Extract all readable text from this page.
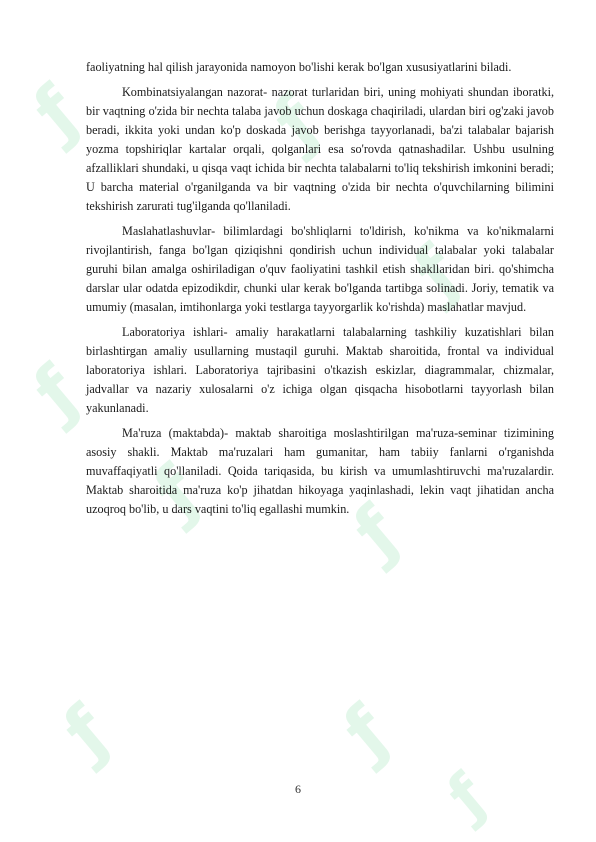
ƒ ƒ
ƒ
ƒ
ƒ ƒ
ƒ	ƒ
ƒ

faoliyatning hal qilish jarayonida namoyon bo'lishi kerak bo'lgan xususiyatlarini biladi.

Kombinatsiyalangan nazorat- nazorat turlaridan biri, uning mohiyati shundan iboratki, bir vaqtning o'zida bir nechta talaba javob uchun doskaga chaqiriladi, ulardan biri og'zaki javob beradi, ikkita yoki undan ko'p doskada javob berishga tayyorlanadi, ba'zi talabalar bajarish yozma topshiriqlar kartalar orqali, qolganlari esa so'rovda qatnashadilar. Ushbu usulning afzalliklari shundaki, u qisqa vaqt ichida bir nechta talabalarni to'liq tekshirish imkonini beradi; U barcha material o'rganilganda va bir vaqtning o'zida bir nechta o'quvchilarning bilimini tekshirish zarurati tug'ilganda qo'llaniladi.

Maslahatlashuvlar- bilimlardagi bo'shliqlarni to'ldirish, ko'nikma va ko'nikmalarni rivojlantirish, fanga bo'lgan qiziqishni qondirish uchun individual talabalar yoki talabalar guruhi bilan amalga oshiriladigan o'quv faoliyatini tashkil etish shakllaridan biri. qo'shimcha darslar ular odatda epizodikdir, chunki ular kerak bo'lganda tartibga solinadi. Joriy, tematik va umumiy (masalan, imtihonlarga yoki testlarga tayyorgarlik ko'rishda) maslahatlar mavjud.

Laboratoriya ishlari- amaliy harakatlarni talabalarning tashkiliy kuzatishlari bilan birlashtirgan amaliy usullarning mustaqil guruhi. Maktab sharoitida, frontal va individual laboratoriya ishlari. Laboratoriya tajribasini o'tkazish eskizlar, diagrammalar, chizmalar, jadvallar va nazariy xulosalarni o'z ichiga olgan qisqacha hisobotlarni tayyorlash bilan yakunlanadi.

Ma'ruza (maktabda)- maktab sharoitiga moslashtirilgan ma'ruza-seminar tizimining asosiy shakli. Maktab ma'ruzalari ham gumanitar, ham tabiiy fanlarni o'rganishda muvaffaqiyatli qo'llaniladi. Qoida tariqasida, bu kirish va umumlashtiruvchi ma'ruzalardir. Maktab sharoitida ma'ruza ko'p jihatdan hikoyaga yaqinlashadi, lekin vaqt jihatidan ancha uzoqroq bo'lib, u dars vaqtini to'liq egallashi mumkin.

6
